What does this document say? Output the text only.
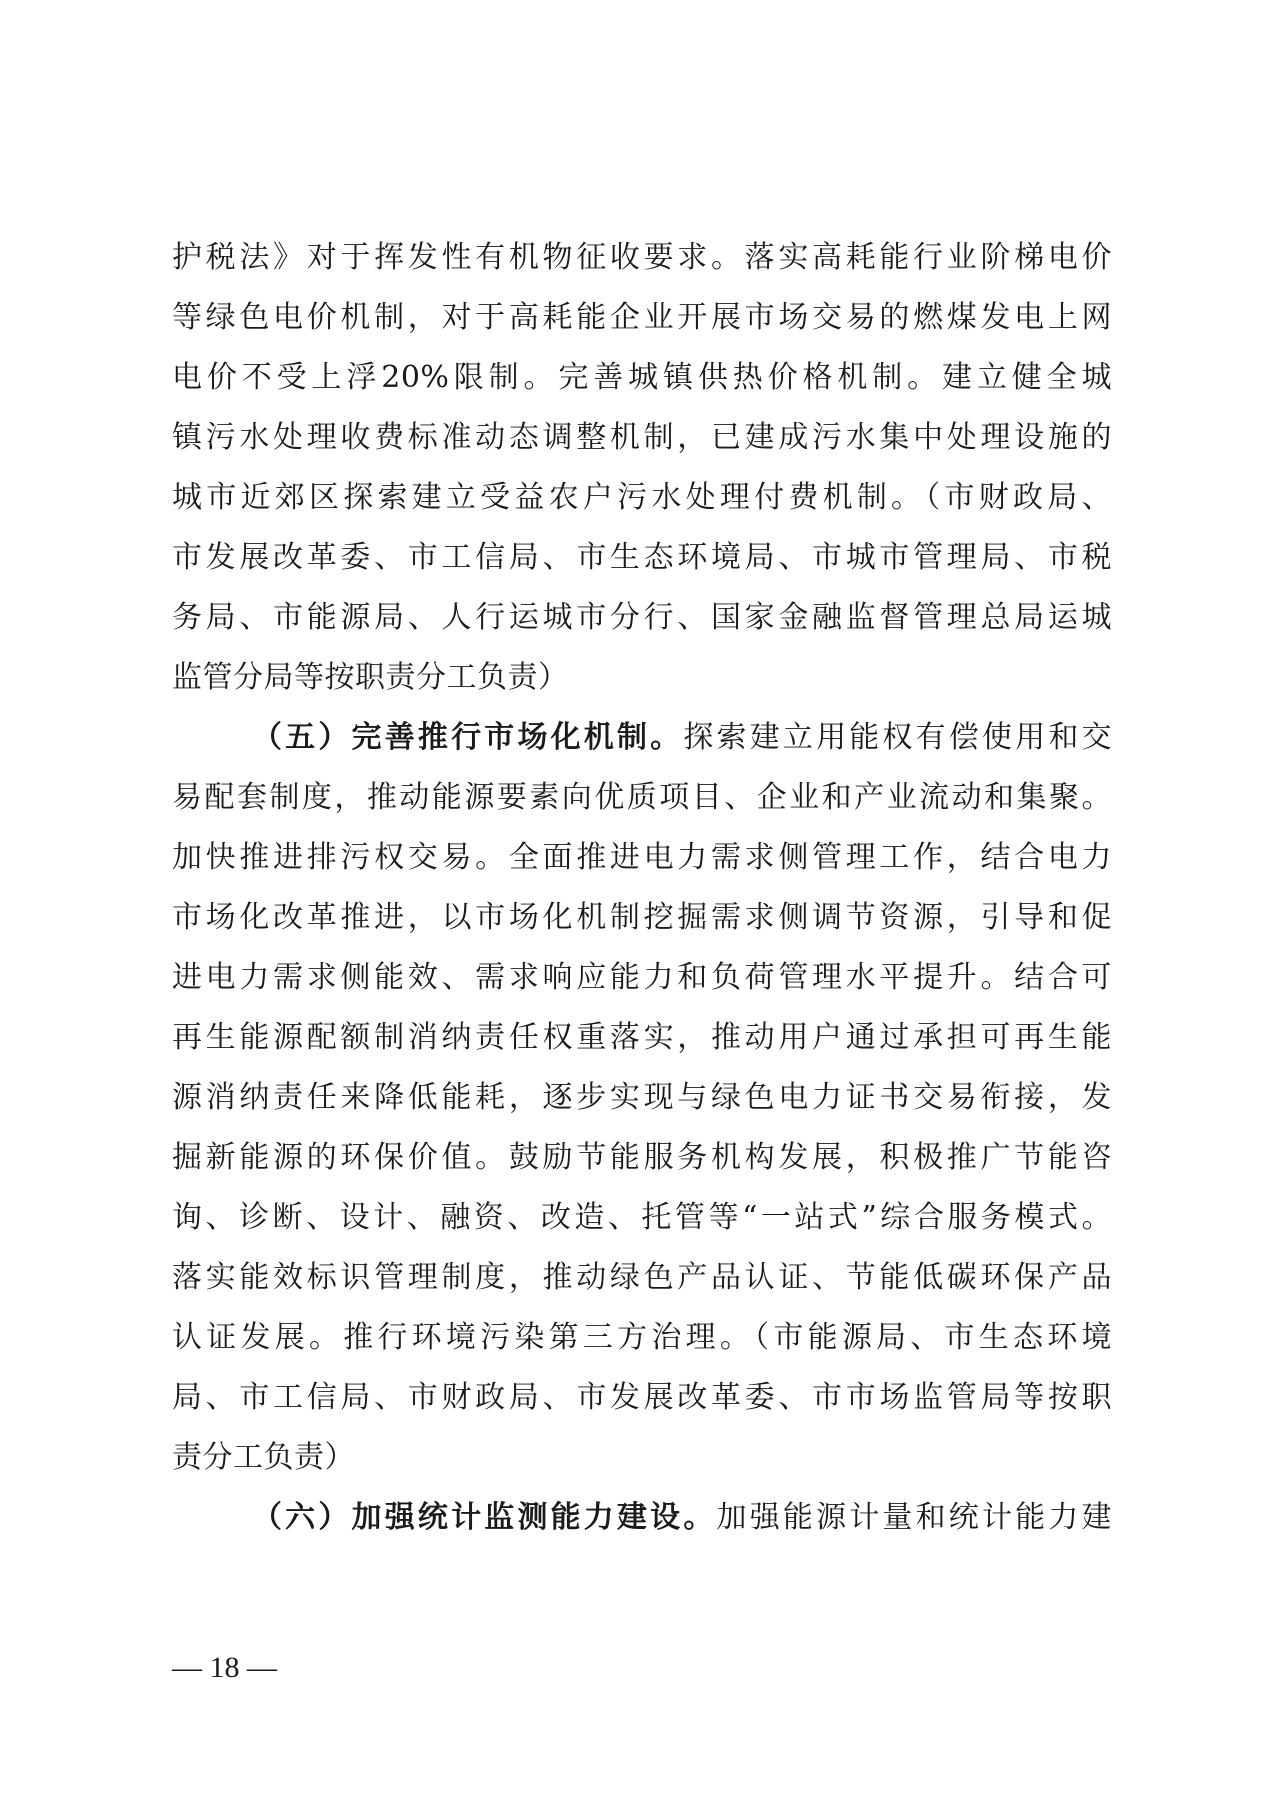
护税法》对于挥发性有机物征收要求。落实高耗能行业阶梯电价
等绿色电价机制，对于高耗能企业开展市场交易的燃煤发电上网
电价不受上浮20%限制。完善城镇供热价格机制。建立健全城
镇污水处理收费标准动态调整机制，已建成污水集中处理设施的
城市近郊区探索建立受益农户污水处理付费机制。（市财政局、
市发展改革委、市工信局、市生态环境局、市城市管理局、市税
务局、市能源局、人行运城市分行、国家金融监督管理总局运城
监管分局等按职责分工负责）
（五）完善推行市场化机制。探索建立用能权有偿使用和交
易配套制度，推动能源要素向优质项目、企业和产业流动和集聚。
加快推进排污权交易。全面推进电力需求侧管理工作，结合电力
市场化改革推进，以市场化机制挖掘需求侧调节资源，引导和促
进电力需求侧能效、需求响应能力和负荷管理水平提升。结合可
再生能源配额制消纳责任权重落实，推动用户通过承担可再生能
源消纳责任来降低能耗，逐步实现与绿色电力证书交易衔接，发
掘新能源的环保价值。鼓励节能服务机构发展，积极推广节能咨
询、诊断、设计、融资、改造、托管等“一站式”综合服务模式。
落实能效标识管理制度，推动绿色产品认证、节能低碳环保产品
认证发展。推行环境污染第三方治理。（市能源局、市生态环境
局、市工信局、市财政局、市发展改革委、市市场监管局等按职
责分工负责）
（六）加强统计监测能力建设。加强能源计量和统计能力建
— 18 —
